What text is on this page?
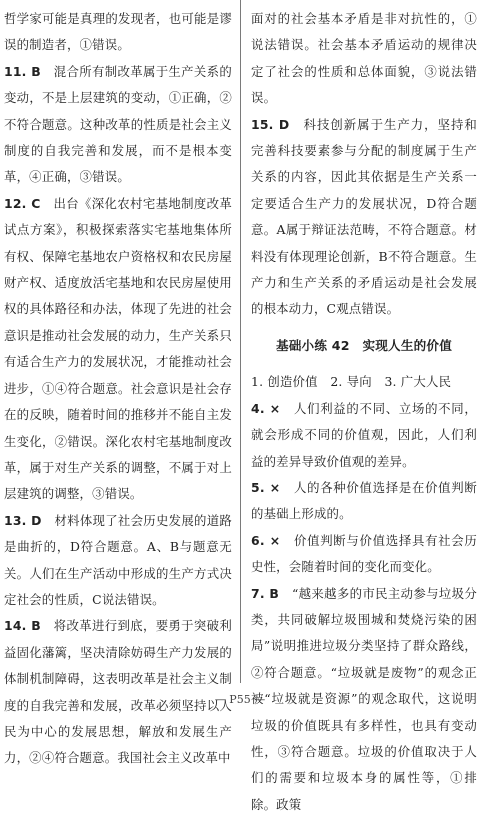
哲学家可能是真理的发现者，也可能是谬误的制造者，①错误。

11. B　 混合所有制改革属于生产关系的变动，不是上层建筑的变动，①正确，②不符合题意。这种改革的性质是社会主义制度的自我完善和发展，而不是根本变革，④正确，③错误。

12. C　 出台《深化农村宅基地制度改革试点方案》，积极探索落实宅基地集体所有权、保障宅基地农户资格权和农民房屋财产权、适度放活宅基地和农民房屋使用权的具体路径和办法，体现了先进的社会意识是推动社会发展的动力，生产关系只有适合生产力的发展状况，才能推动社会进步，①④符合题意。社会意识是社会存在的反映，随着时间的推移并不能自主发生变化，②错误。深化农村宅基地制度改革，属于对生产关系的调整，不属于对上层建筑的调整，③错误。

13. D　 材料体现了社会历史发展的道路是曲折的，D符合题意。A、B与题意无关。人们在生产活动中形成的生产方式决定社会的性质，C说法错误。

14. B　 将改革进行到底，要勇于突破利益固化藩篱，坚决清除妨碍生产力发展的体制机制障碍，这表明改革是社会主义制度的自我完善和发展，改革必须坚持以人民为中心的发展思想，解放和发展生产力，②④符合题意。我国社会主义改革中

面对的社会基本矛盾是非对抗性的，①说法错误。社会基本矛盾运动的规律决定了社会的性质和总体面貌，③说法错误。

15. D　 科技创新属于生产力，坚持和完善科技要素参与分配的制度属于生产关系的内容，因此其依据是生产关系一定要适合生产力的发展状况，D符合题意。A属于辩证法范畴，不符合题意。材料没有体现理论创新，B不符合题意。生产力和生产关系的矛盾运动是社会发展的根本动力，C观点错误。

基础小练 42　实现人生的价值

1. 创造价值　2. 导向　3. 广大人民

4. ×　 人们利益的不同、立场的不同，就会形成不同的价值观，因此，人们利益的差异导致价值观的差异。

5. ×　 人的各种价值选择是在价值判断的基础上形成的。

6. ×　 价值判断与价值选择具有社会历史性，会随着时间的变化而变化。

7. B　 “越来越多的市民主动参与垃圾分类，共同破解垃圾围城和焚烧污染的困局”说明推进垃圾分类坚持了群众路线，②符合题意。“垃圾就是废物”的观念正被“垃圾就是资源”的观念取代，这说明垃圾的价值既具有多样性，也具有变动性，③符合题意。垃圾的价值取决于人们的需要和垃圾本身的属性等，①排除。政策

— P55 —
